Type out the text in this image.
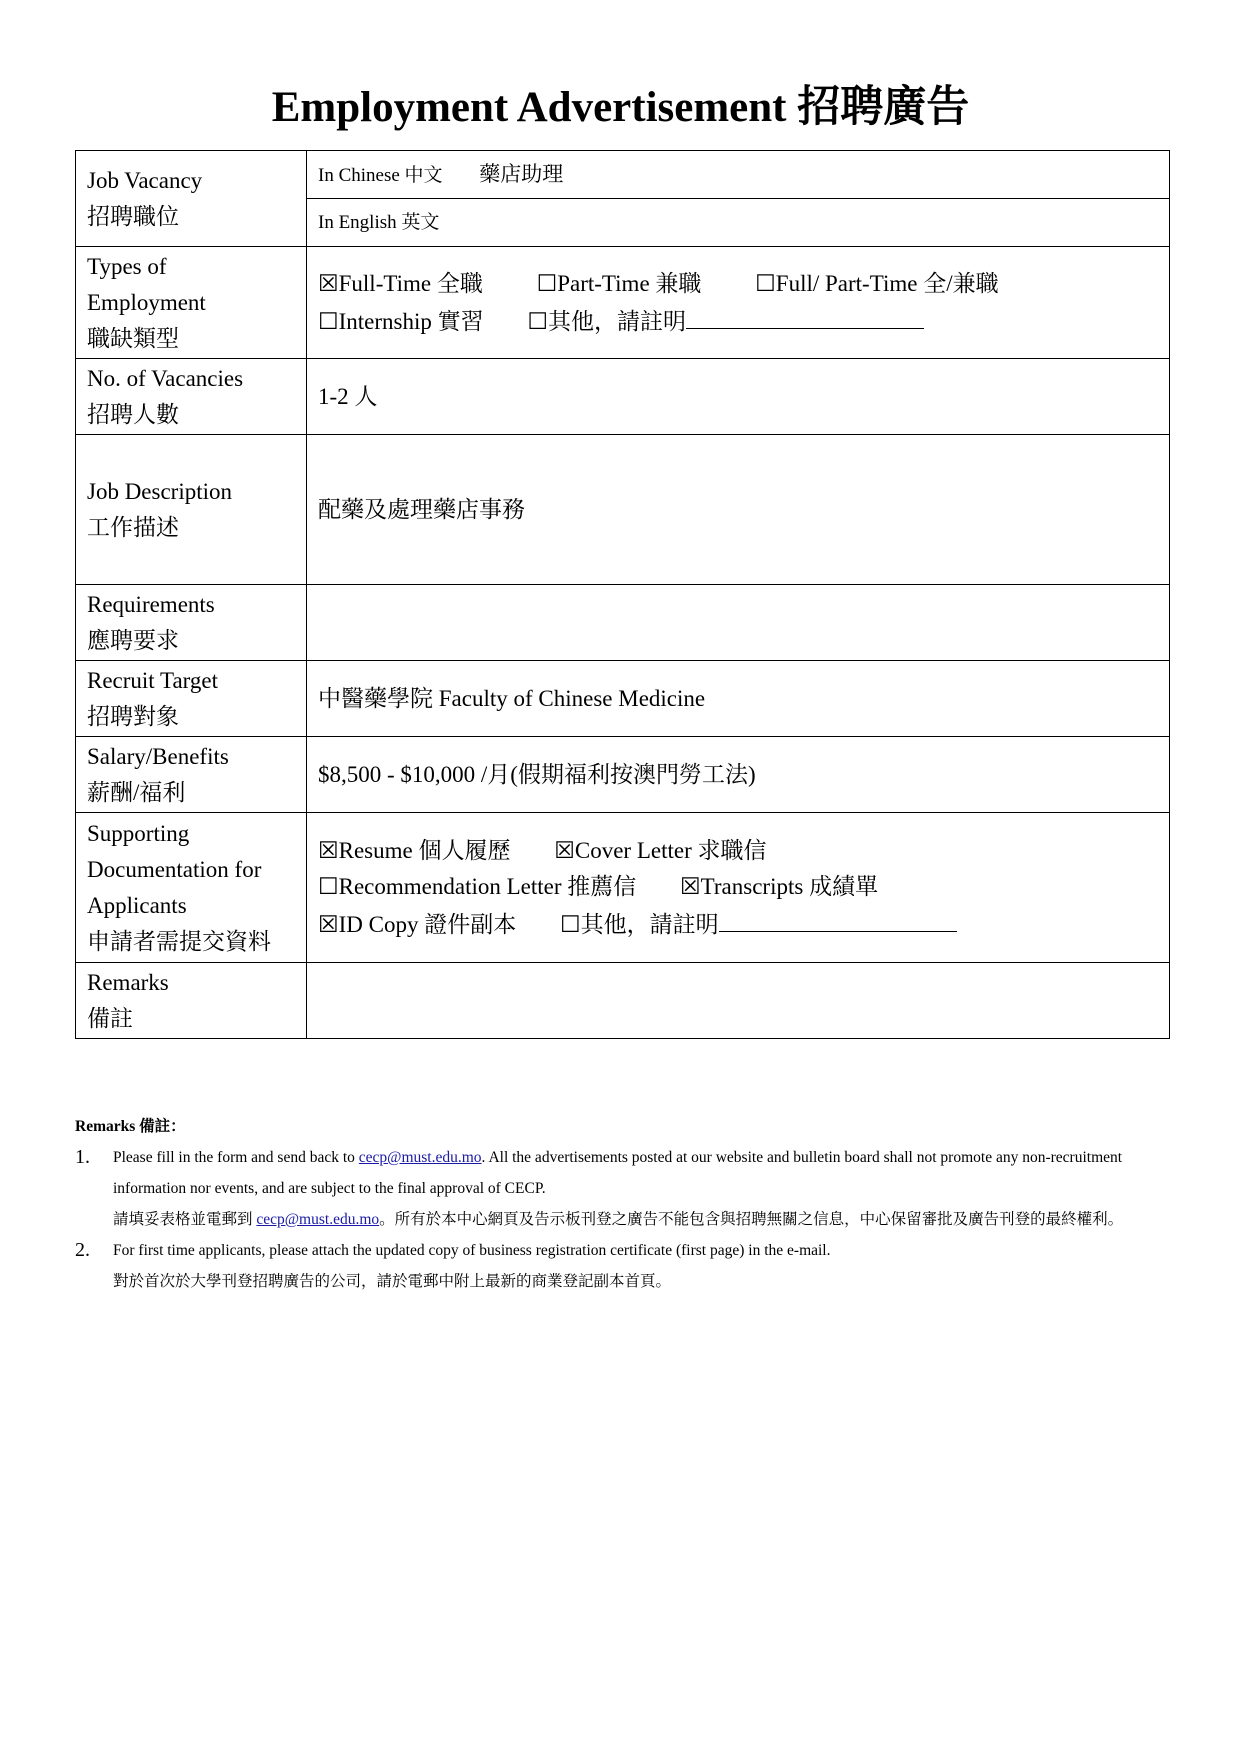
Employment Advertisement 招聘廣告
Job Vacancy
招聘職位	In Chinese 中文 藥店助理
	In English 英文

Types of
Employment
職缺類型	☒Full-Time 全職 ☐Part-Time 兼職 ☐Full/ Part-Time 全/兼職
☐Internship 實習 ☐其他，請註明

No. of Vacancies
招聘人數	1-2 人

Job Description
工作描述	配藥及處理藥店事務

Requirements
應聘要求	

Recruit Target
招聘對象	中醫藥學院 Faculty of Chinese Medicine

Salary/Benefits
薪酬/福利	$8,500 - $10,000 /月(假期福利按澳門勞工法)

Supporting
Documentation for
Applicants
申請者需提交資料	☒Resume 個人履歷 ☒Cover Letter 求職信
☐Recommendation Letter 推薦信 ☒Transcripts 成績單
☒ID Copy 證件副本 ☐其他，請註明

Remarks
備註	

Remarks 備註：
1. Please fill in the form and send back to cecp@must.edu.mo. All the advertisements posted at our website and bulletin board shall not promote any non-recruitment information nor events, and are subject to the final approval of CECP.
請填妥表格並電郵到 cecp@must.edu.mo。所有於本中心網頁及告示板刊登之廣告不能包含與招聘無關之信息，中心保留審批及廣告刊登的最終權利。
2. For first time applicants, please attach the updated copy of business registration certificate (first page) in the e-mail.
對於首次於大學刊登招聘廣告的公司，請於電郵中附上最新的商業登記副本首頁。
